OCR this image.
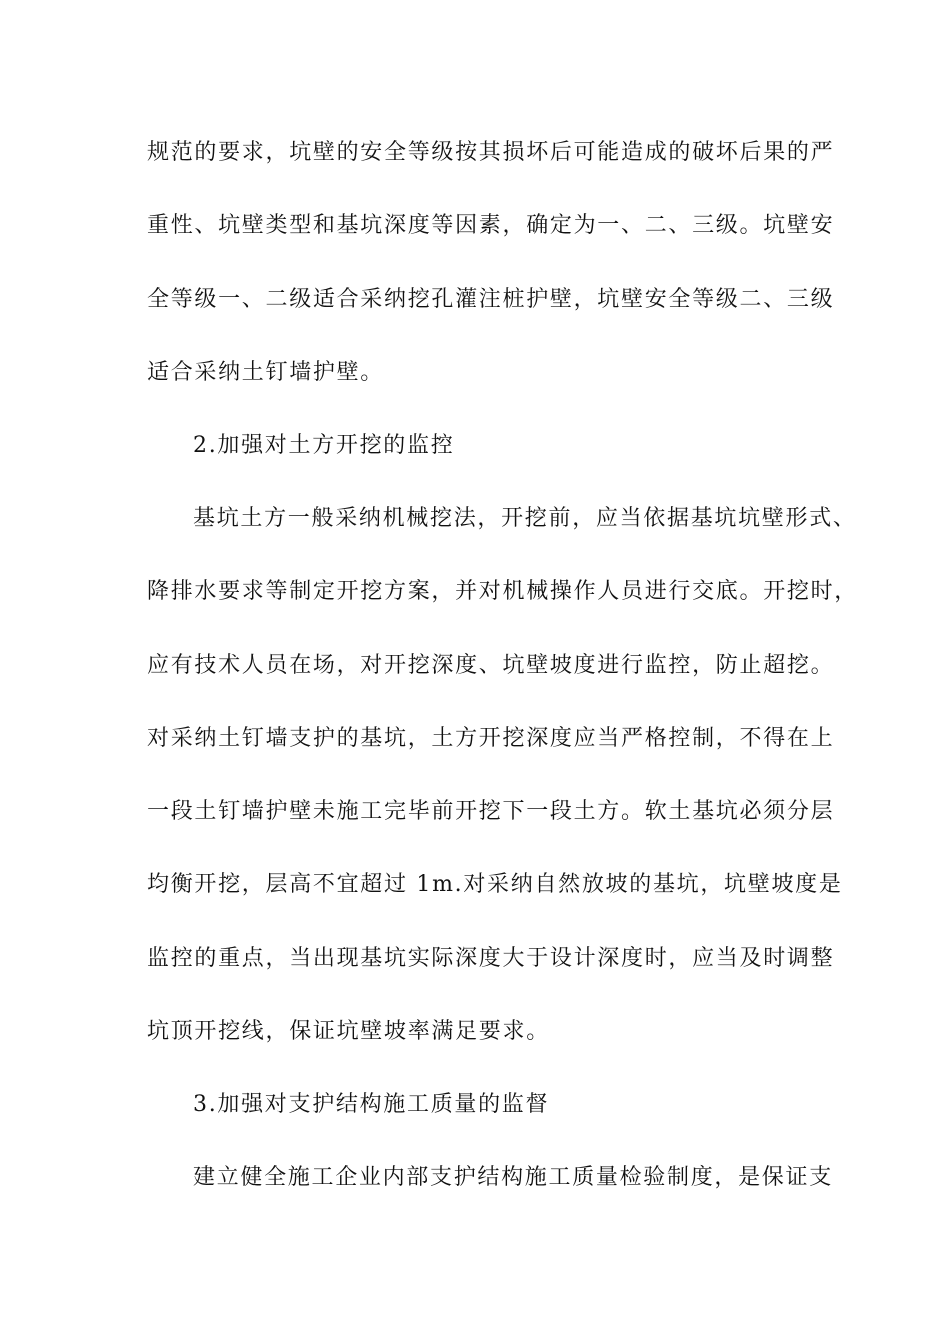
规范的要求，坑壁的安全等级按其损坏后可能造成的破坏后果的严
重性、坑壁类型和基坑深度等因素，确定为一、二、三级。坑壁安
全等级一、二级适合采纳挖孔灌注桩护壁，坑壁安全等级二、三级
适合采纳土钉墙护壁。
2.加强对土方开挖的监控
基坑土方一般采纳机械挖法，开挖前，应当依据基坑坑壁形式、
降排水要求等制定开挖方案，并对机械操作人员进行交底。开挖时，
应有技术人员在场，对开挖深度、坑壁坡度进行监控，防止超挖。
对采纳土钉墙支护的基坑，土方开挖深度应当严格控制，不得在上
一段土钉墙护壁未施工完毕前开挖下一段土方。软土基坑必须分层
均衡开挖，层高不宜超过 1m.对采纳自然放坡的基坑，坑壁坡度是
监控的重点，当出现基坑实际深度大于设计深度时，应当及时调整
坑顶开挖线，保证坑壁坡率满足要求。
3.加强对支护结构施工质量的监督
建立健全施工企业内部支护结构施工质量检验制度，是保证支
